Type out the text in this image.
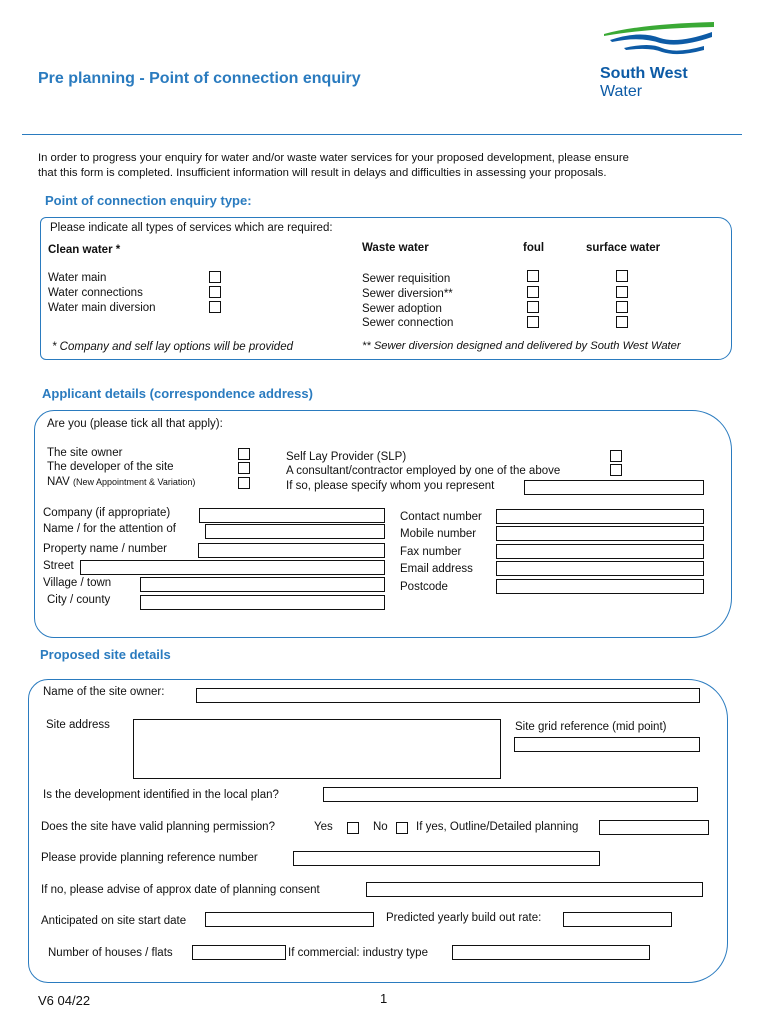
Pre planning - Point of connection enquiry	South West
Water
In order to progress your enquiry for water and/or waste water services for your proposed development, please ensure
that this form is completed. Insufficient information will result in delays and difficulties in assessing your proposals.
Point of connection enquiry type:
Please indicate all types of services which are required:
Clean water *	Waste water	foul	surface water
Water main
Water connections
Water main diversion
Sewer requisition
Sewer diversion**
Sewer adoption
Sewer connection
* Company and self lay options will be provided	** Sewer diversion designed and delivered by South West Water
Applicant details (correspondence address)
Are you (please tick all that apply):
The site owner
The developer of the site
NAV (New Appointment & Variation)
Self Lay Provider (SLP)
A consultant/contractor employed by one of the above
If so, please specify whom you represent
Company (if appropriate)
Name / for the attention of
Property name / number
Street
Village / town
City / county
Contact number
Mobile number
Fax number
Email address
Postcode
Proposed site details
Name of the site owner:
Site address	Site grid reference (mid point)
Is the development identified in the local plan?
Does the site have valid planning permission?	Yes	No If yes, Outline/Detailed planning
Please provide planning reference number
If no, please advise of approx date of planning consent
Anticipated on site start date	Predicted yearly build out rate:
Number of houses / flats	If commercial: industry type
V6 04/22	1
